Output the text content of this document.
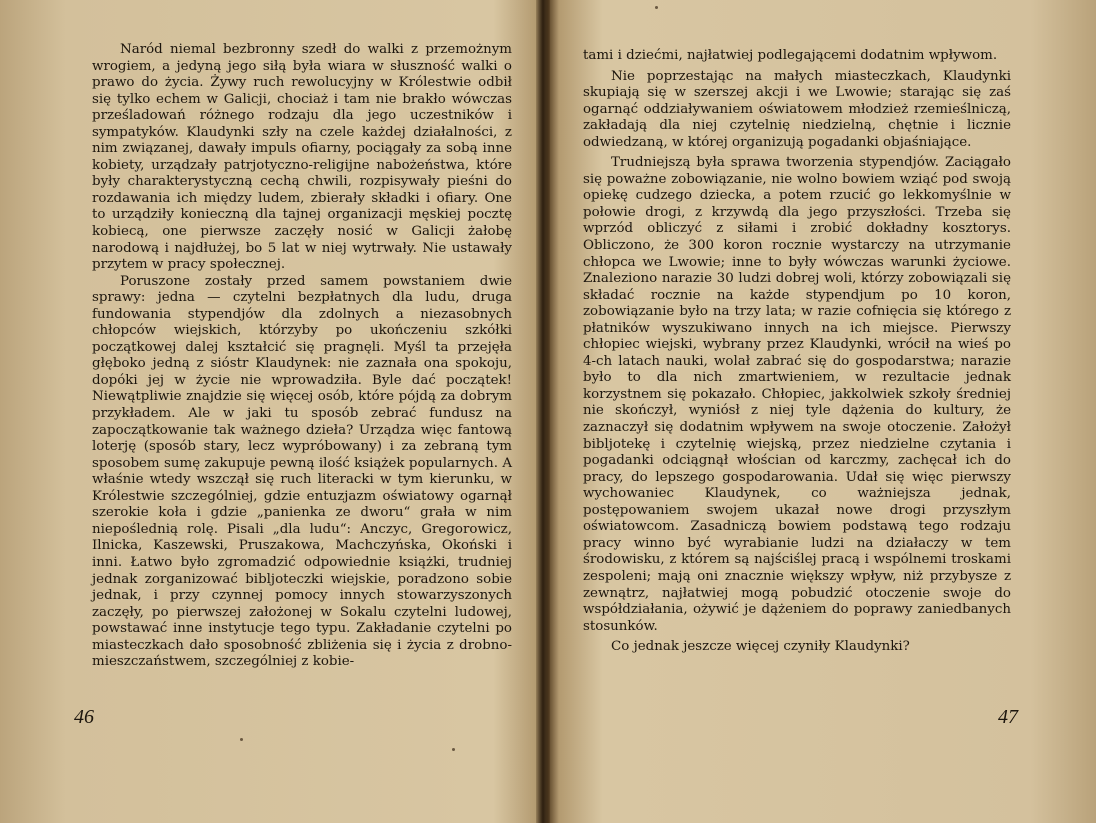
Naród niemal bezbronny szedł do walki z przemożnym wrogiem, a jedyną jego siłą była wiara w słuszność walki o prawo do życia. Żywy ruch rewolucyjny w Królestwie odbił się tylko echem w Galicji, chociaż i tam nie brakło wówczas prześladowań różnego rodzaju dla jego uczestników i sympatyków. Klaudynki szły na czele każdej działalności, z nim związanej, dawały impuls ofiarny, pociągały za sobą inne kobiety, urządzały patrjotyczno-religijne nabożeństwa, które były charakterystyczną cechą chwili, rozpisywały pieśni do rozdawania ich między ludem, zbierały składki i ofiary. One to urządziły konieczną dla tajnej organizacji męskiej pocztę kobiecą, one pierwsze zaczęły nosić w Galicji żałobę narodową i najdłużej, bo 5 lat w niej wytrwały. Nie ustawały przytem w pracy społecznej.

Poruszone zostały przed samem powstaniem dwie sprawy: jedna — czytelni bezpłatnych dla ludu, druga fundowania stypendjów dla zdolnych a niezasobnych chłopców wiejskich, którzyby po ukończeniu szkółki początkowej dalej kształcić się pragnęli. Myśl ta przejęła głęboko jedną z sióstr Klaudynek: nie zaznała ona spokoju, dopóki jej w życie nie wprowadziła. Byle dać początek! Niewątpliwie znajdzie się więcej osób, które pójdą za dobrym przykładem. Ale w jaki tu sposób zebrać fundusz na zapoczątkowanie tak ważnego dzieła? Urządza więc fantową loterję (sposób stary, lecz wypróbowany) i za zebraną tym sposobem sumę zakupuje pewną ilość książek popularnych. A właśnie wtedy wszczął się ruch literacki w tym kierunku, w Królestwie szczególniej, gdzie entuzjazm oświatowy ogarnął szerokie koła i gdzie „panienka ze dworu“ grała w nim niepoślednią rolę. Pisali „dla ludu“: Anczyc, Gregorowicz, Ilnicka, Kaszewski, Pruszakowa, Machczyńska, Okoński i inni. Łatwo było zgromadzić odpowiednie książki, trudniej jednak zorganizować bibljoteczki wiejskie, poradzono sobie jednak, i przy czynnej pomocy innych stowarzyszonych zaczęły, po pierwszej założonej w Sokalu czytelni ludowej, powstawać inne instytucje tego typu. Zakładanie czytelni po miasteczkach dało sposobność zbliżenia się i życia z drobno-mieszczaństwem, szczególniej z kobie-

46

tami i dziećmi, najłatwiej podlegającemi dodatnim wpływom.

Nie poprzestając na małych miasteczkach, Klaudynki skupiają się w szerszej akcji i we Lwowie; starając się zaś ogarnąć oddziaływaniem oświatowem młodzież rzemieślniczą, zakładają dla niej czytelnię niedzielną, chętnie i licznie odwiedzaną, w której organizują pogadanki objaśniające.

Trudniejszą była sprawa tworzenia stypendjów. Zaciągało się poważne zobowiązanie, nie wolno bowiem wziąć pod swoją opiekę cudzego dziecka, a potem rzucić go lekkomyślnie w połowie drogi, z krzywdą dla jego przyszłości. Trzeba się wprzód obliczyć z siłami i zrobić dokładny kosztorys. Obliczono, że 300 koron rocznie wystarczy na utrzymanie chłopca we Lwowie; inne to były wówczas warunki życiowe. Znaleziono narazie 30 ludzi dobrej woli, którzy zobowiązali się składać rocznie na każde stypendjum po 10 koron, zobowiązanie było na trzy lata; w razie cofnięcia się którego z płatników wyszukiwano innych na ich miejsce. Pierwszy chłopiec wiejski, wybrany przez Klaudynki, wrócił na wieś po 4-ch latach nauki, wolał zabrać się do gospodarstwa; narazie było to dla nich zmartwieniem, w rezultacie jednak korzystnem się pokazało. Chłopiec, jakkolwiek szkoły średniej nie skończył, wyniósł z niej tyle dążenia do kultury, że zaznaczył się dodatnim wpływem na swoje otoczenie. Założył bibljotekę i czytelnię wiejską, przez niedzielne czytania i pogadanki odciągnął włościan od karczmy, zachęcał ich do pracy, do lepszego gospodarowania. Udał się więc pierwszy wychowaniec Klaudynek, co ważniejsza jednak, postępowaniem swojem ukazał nowe drogi przyszłym oświatowcom. Zasadniczą bowiem podstawą tego rodzaju pracy winno być wyrabianie ludzi na działaczy w tem środowisku, z którem są najściślej pracą i wspólnemi troskami zespoleni; mają oni znacznie większy wpływ, niż przybysze z zewnątrz, najłatwiej mogą pobudzić otoczenie swoje do współdziałania, ożywić je dążeniem do poprawy zaniedbanych stosunków.

Co jednak jeszcze więcej czyniły Klaudynki?

47
